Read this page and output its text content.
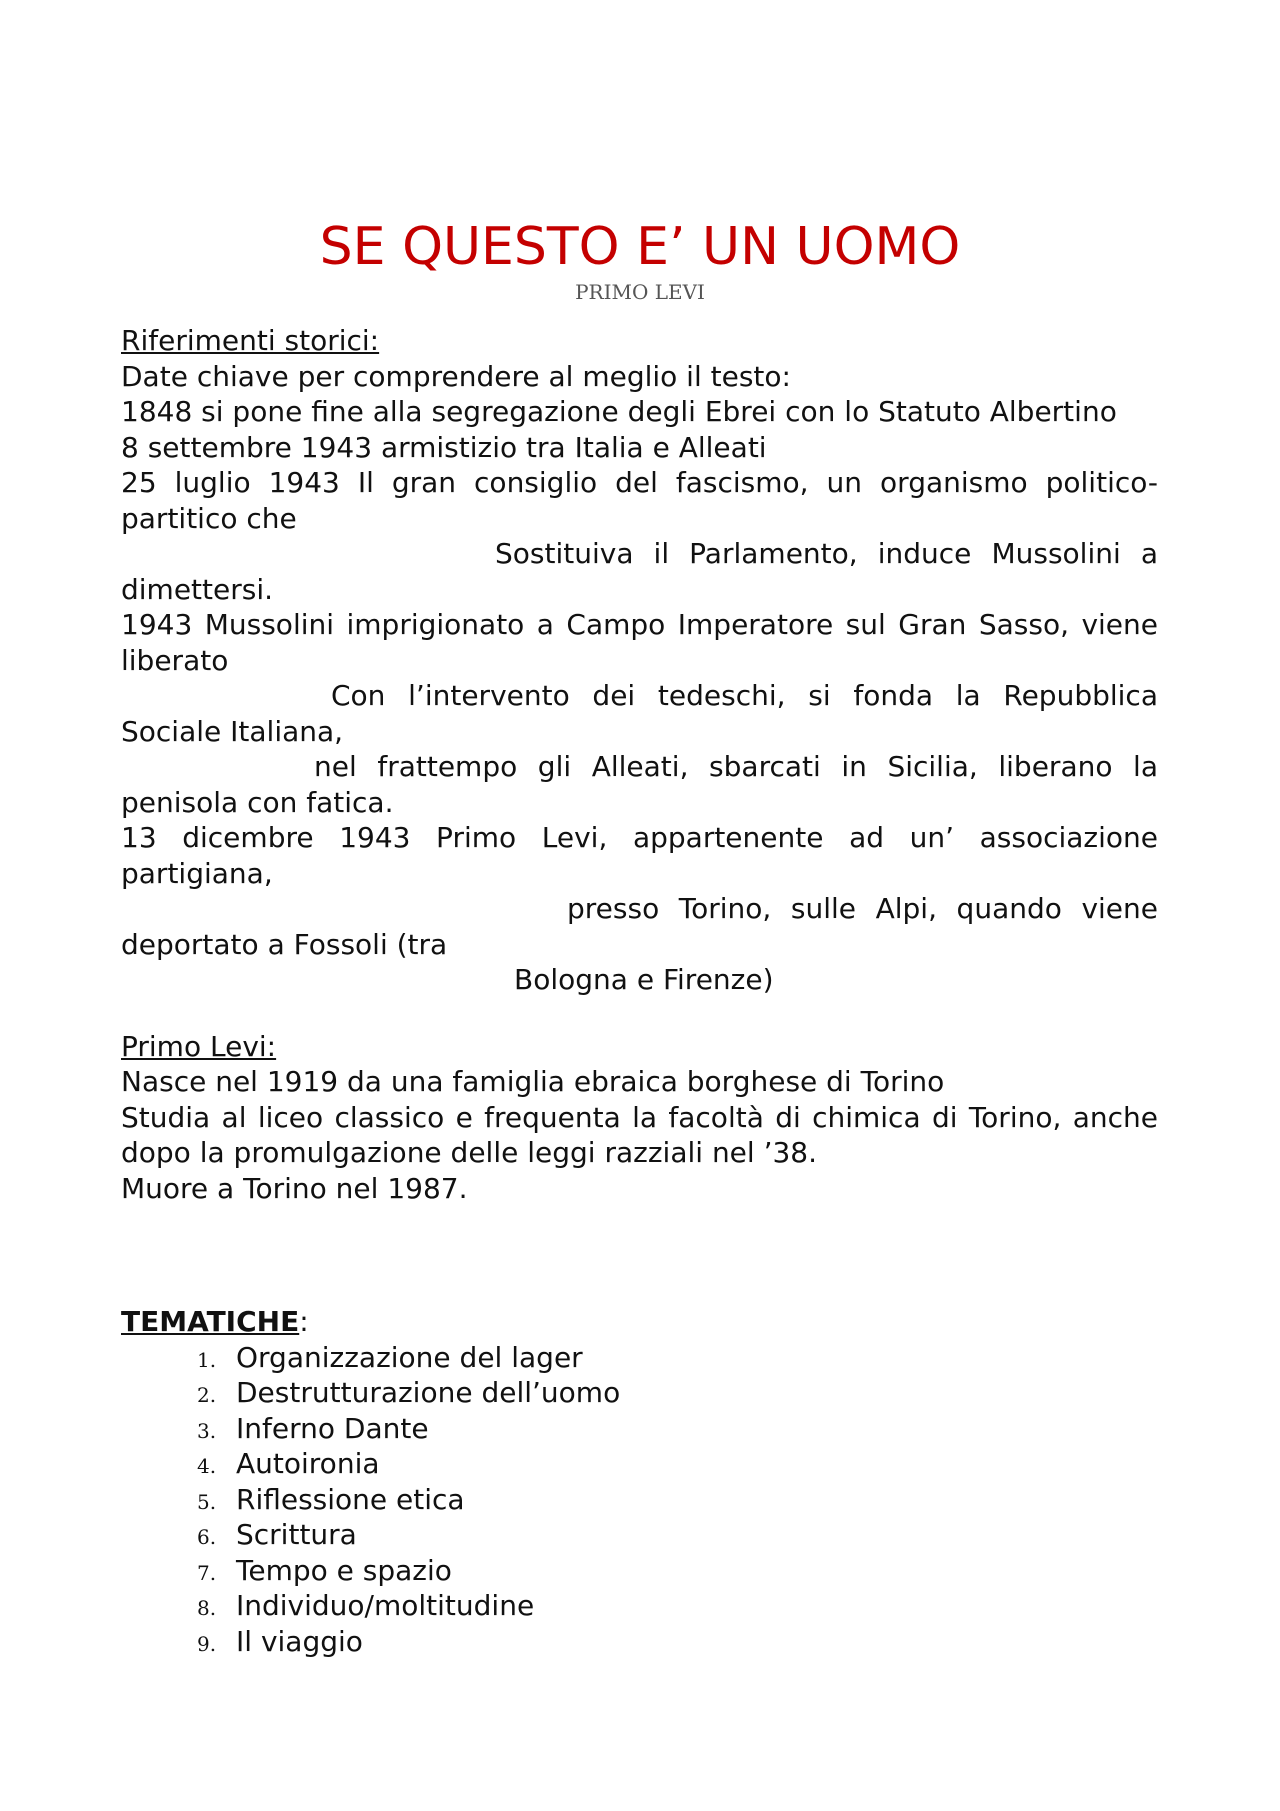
SE QUESTO E’ UN UOMO
PRIMO LEVI

Riferimenti storici:

Date chiave per comprendere al meglio il testo:

1848 si pone fine alla segregazione degli Ebrei con lo Statuto Albertino

8 settembre 1943 armistizio tra Italia e Alleati

25 luglio 1943 Il gran consiglio del fascismo, un organismo politico-partitico che

Sostituiva il Parlamento, induce Mussolini a dimettersi.

1943 Mussolini imprigionato a Campo Imperatore sul Gran Sasso, viene liberato

Con l’intervento dei tedeschi, si fonda la Repubblica Sociale Italiana,

nel frattempo gli Alleati, sbarcati in Sicilia, liberano la penisola con fatica.

13 dicembre 1943 Primo Levi, appartenente ad un’ associazione partigiana,

presso Torino, sulle Alpi, quando viene deportato a Fossoli (tra

Bologna e Firenze)

Primo Levi:

Nasce nel 1919 da una famiglia ebraica borghese di Torino

Studia al liceo classico e frequenta la facoltà di chimica di Torino, anche dopo la promulgazione delle leggi razziali nel ’38.

Muore a Torino nel 1987.

TEMATICHE:

1. Organizzazione del lager
2. Destrutturazione dell’uomo
3. Inferno Dante
4. Autoironia
5. Riflessione etica
6. Scrittura
7. Tempo e spazio
8. Individuo/moltitudine
9. Il viaggio
